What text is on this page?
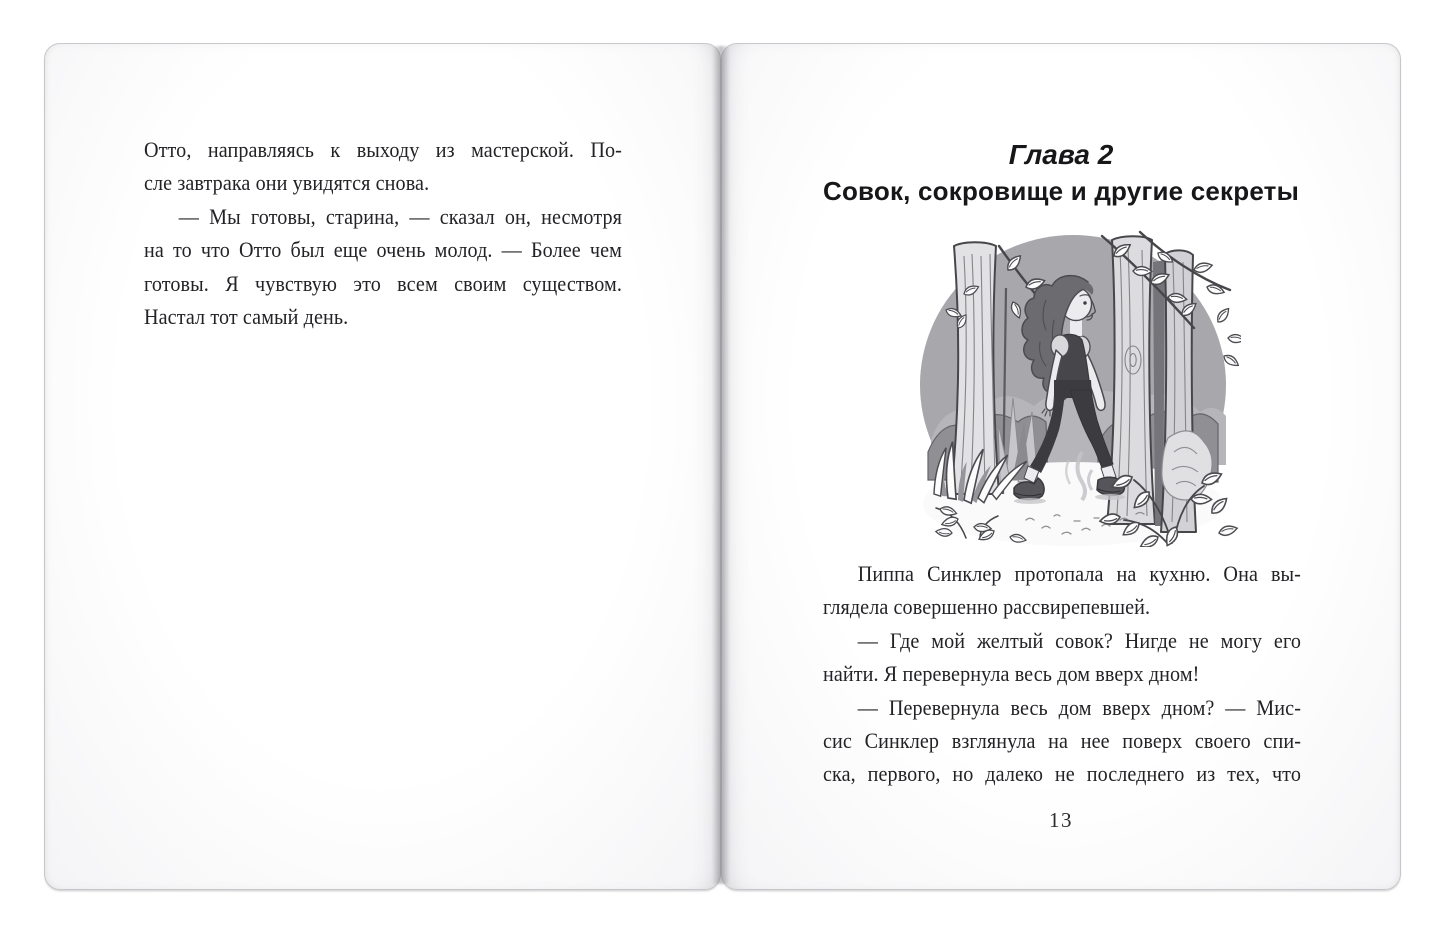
Отто, направляясь к выходу из мастерской. По-
сле завтрака они увидятся снова.
— Мы готовы, старина, — сказал он, несмотря
на то что Отто был еще очень молод. — Более чем
готовы. Я чувствую это всем своим существом.
Настал тот самый день.
Глава 2
Совок, сокровище и другие секреты
Пиппа Синклер протопала на кухню. Она вы-
глядела совершенно рассвирепевшей.
— Где мой желтый совок? Нигде не могу его
найти. Я перевернула весь дом вверх дном!
— Перевернула весь дом вверх дном? — Мис-
сис Синклер взглянула на нее поверх своего спи-
ска, первого, но далеко не последнего из тех, что
13
